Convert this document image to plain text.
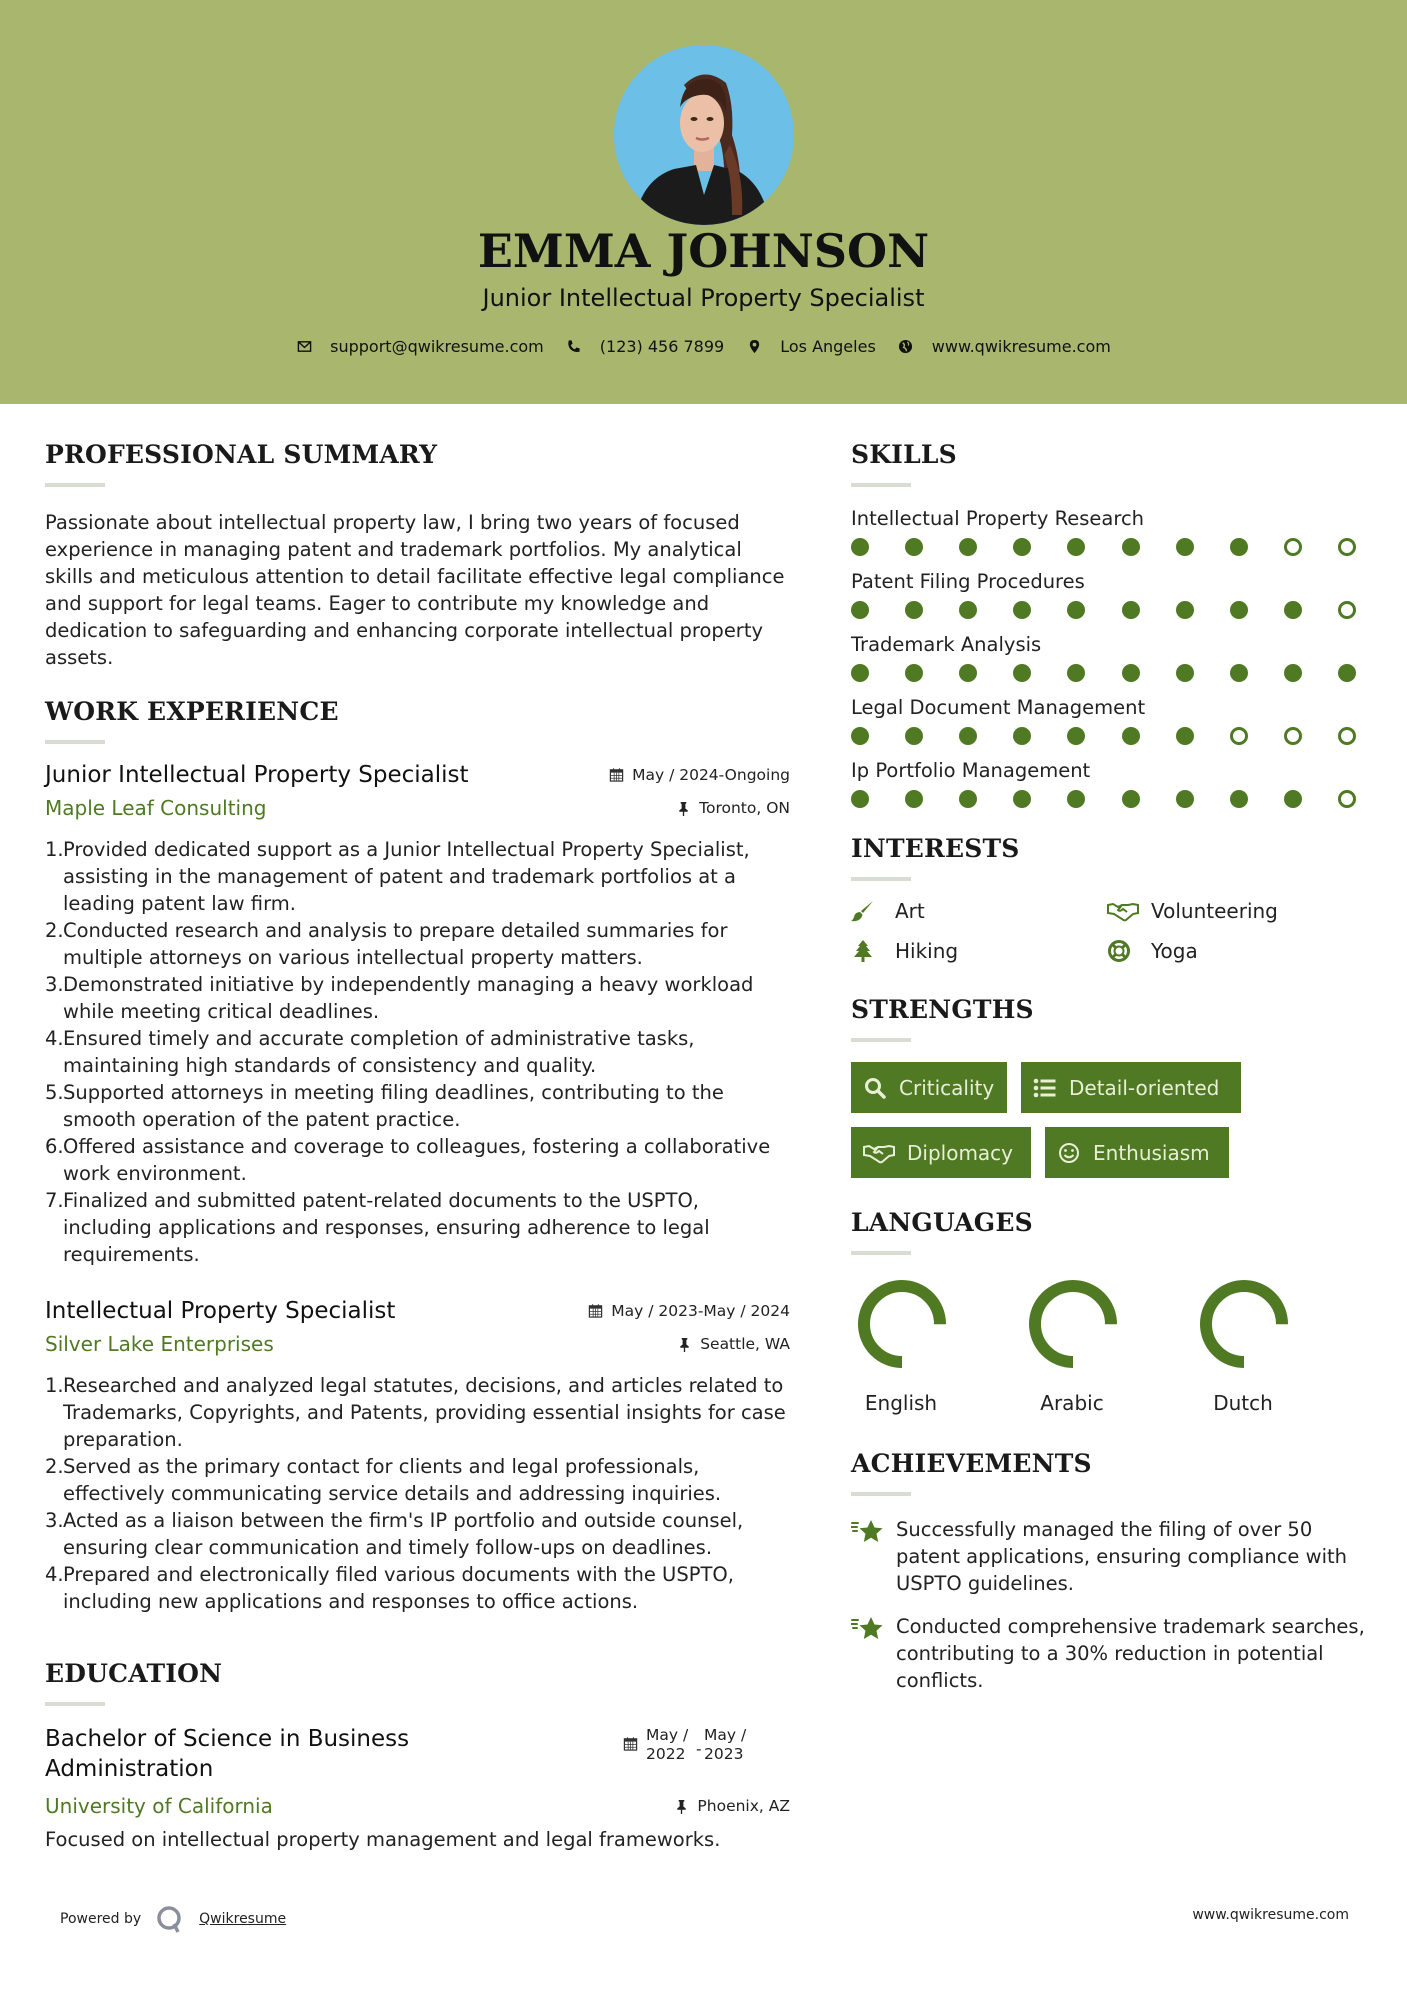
EMMA JOHNSON
Junior Intellectual Property Specialist
support@qwikresume.com	(123) 456 7899	Los Angeles	www.qwikresume.com
PROFESSIONAL SUMMARY

Passionate about intellectual property law, I bring two years of focused experience in managing patent and trademark portfolios. My analytical skills and meticulous attention to detail facilitate effective legal compliance and support for legal teams. Eager to contribute my knowledge and dedication to safeguarding and enhancing corporate intellectual property assets.

WORK EXPERIENCE
Junior Intellectual Property Specialist	May / 2024-Ongoing
Maple Leaf Consulting	Toronto, ON
1. Provided dedicated support as a Junior Intellectual Property Specialist, assisting in the management of patent and trademark portfolios at a leading patent law firm.
2. Conducted research and analysis to prepare detailed summaries for multiple attorneys on various intellectual property matters.
3. Demonstrated initiative by independently managing a heavy workload while meeting critical deadlines.
4. Ensured timely and accurate completion of administrative tasks, maintaining high standards of consistency and quality.
5. Supported attorneys in meeting filing deadlines, contributing to the smooth operation of the patent practice.
6. Offered assistance and coverage to colleagues, fostering a collaborative work environment.
7. Finalized and submitted patent-related documents to the USPTO, including applications and responses, ensuring adherence to legal requirements.
Intellectual Property Specialist	May / 2023-May / 2024
Silver Lake Enterprises	Seattle, WA
1. Researched and analyzed legal statutes, decisions, and articles related to Trademarks, Copyrights, and Patents, providing essential insights for case preparation.
2. Served as the primary contact for clients and legal professionals, effectively communicating service details and addressing inquiries.
3. Acted as a liaison between the firm's IP portfolio and outside counsel, ensuring clear communication and timely follow-ups on deadlines.
4. Prepared and electronically filed various documents with the USPTO, including new applications and responses to office actions.
EDUCATION
Bachelor of Science in Business Administration
May /
2022 -
May /
2023
University of California	Phoenix, AZ

Focused on intellectual property management and legal frameworks.

SKILLS
Intellectual Property Research
Patent Filing Procedures
Trademark Analysis
Legal Document Management
Ip Portfolio Management
INTERESTS
Art	Volunteering
Hiking	Yoga
STRENGTHS
Criticality	Detail-oriented
Diplomacy	Enthusiasm
LANGUAGES
English	Arabic	Dutch
ACHIEVEMENTS
Successfully managed the filing of over 50 patent applications, ensuring compliance with USPTO guidelines.
Conducted comprehensive trademark searches, contributing to a 30% reduction in potential conflicts.
Powered by	Qwikresume	www.qwikresume.com
